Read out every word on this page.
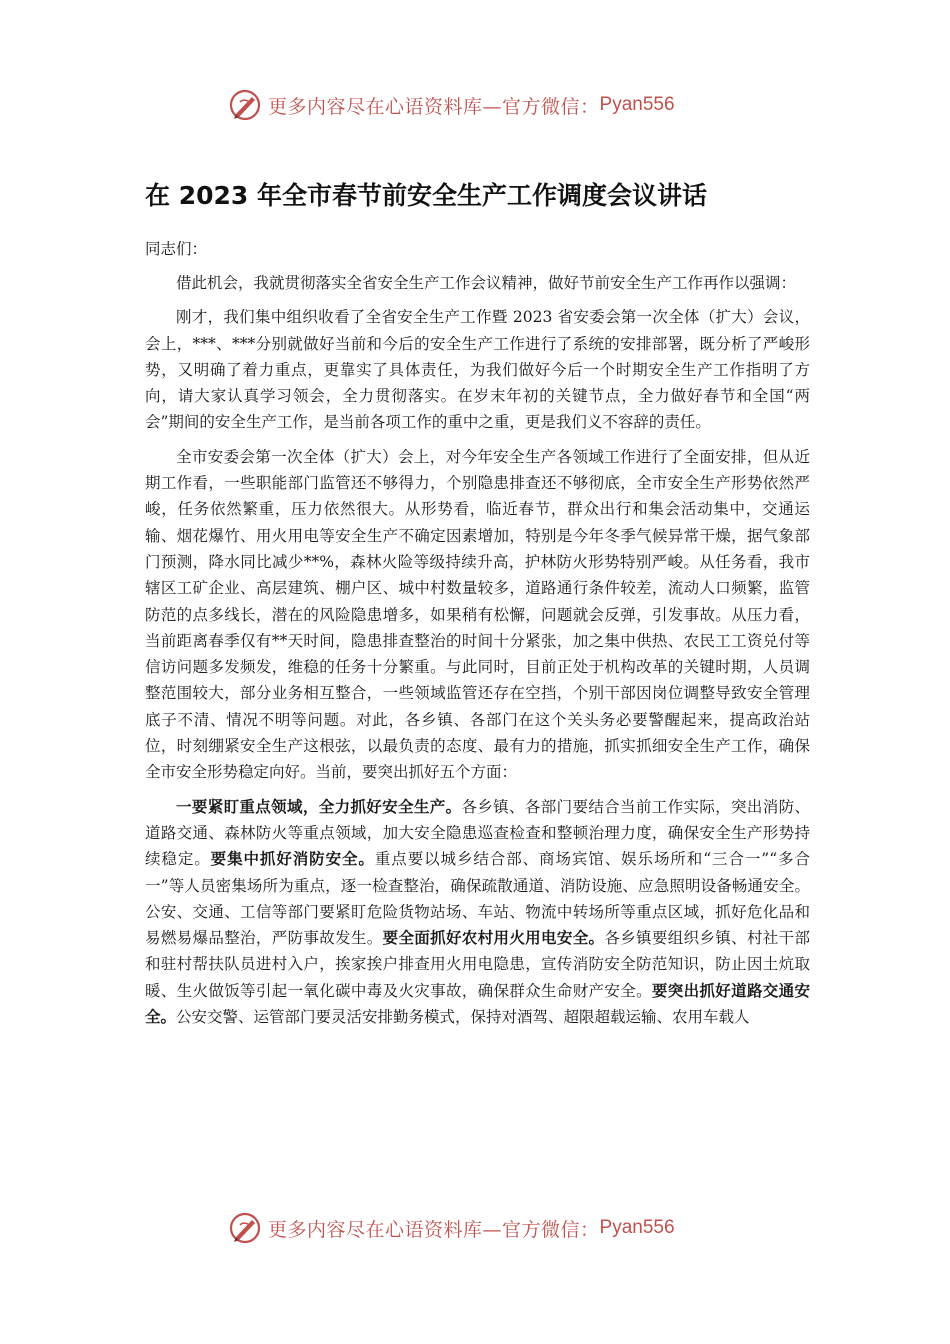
更多内容尽在心语资料库—官方微信： Pyan556
在 2023 年全市春节前安全生产工作调度会议讲话

同志们：

借此机会，我就贯彻落实全省安全生产工作会议精神，做好节前安全生产工作再作以强调：

刚才，我们集中组织收看了全省安全生产工作暨 2023 省安委会第一次全体（扩大）会议，会上，***、***分别就做好当前和今后的安全生产工作进行了系统的安排部署，既分析了严峻形势，又明确了着力重点，更靠实了具体责任，为我们做好今后一个时期安全生产工作指明了方向，请大家认真学习领会，全力贯彻落实。在岁末年初的关键节点，全力做好春节和全国“两会”期间的安全生产工作，是当前各项工作的重中之重，更是我们义不容辞的责任。

全市安委会第一次全体（扩大）会上，对今年安全生产各领域工作进行了全面安排，但从近期工作看，一些职能部门监管还不够得力，个别隐患排查还不够彻底，全市安全生产形势依然严峻，任务依然繁重，压力依然很大。从形势看，临近春节，群众出行和集会活动集中，交通运输、烟花爆竹、用火用电等安全生产不确定因素增加，特别是今年冬季气候异常干燥，据气象部门预测，降水同比减少**%，森林火险等级持续升高，护林防火形势特别严峻。从任务看，我市辖区工矿企业、高层建筑、棚户区、城中村数量较多，道路通行条件较差，流动人口频繁，监管防范的点多线长，潜在的风险隐患增多，如果稍有松懈，问题就会反弹，引发事故。从压力看，当前距离春季仅有**天时间，隐患排查整治的时间十分紧张，加之集中供热、农民工工资兑付等信访问题多发频发，维稳的任务十分繁重。与此同时，目前正处于机构改革的关键时期，人员调整范围较大，部分业务相互整合，一些领域监管还存在空挡，个别干部因岗位调整导致安全管理底子不清、情况不明等问题。对此，各乡镇、各部门在这个关头务必要警醒起来，提高政治站位，时刻绷紧安全生产这根弦，以最负责的态度、最有力的措施，抓实抓细安全生产工作，确保全市安全形势稳定向好。当前，要突出抓好五个方面：

一要紧盯重点领域，全力抓好安全生产。各乡镇、各部门要结合当前工作实际，突出消防、道路交通、森林防火等重点领域，加大安全隐患巡查检查和整顿治理力度，确保安全生产形势持续稳定。要集中抓好消防安全。重点要以城乡结合部、商场宾馆、娱乐场所和“三合一”“多合一”等人员密集场所为重点，逐一检查整治，确保疏散通道、消防设施、应急照明设备畅通安全。公安、交通、工信等部门要紧盯危险货物站场、车站、物流中转场所等重点区域，抓好危化品和易燃易爆品整治，严防事故发生。要全面抓好农村用火用电安全。各乡镇要组织乡镇、村社干部和驻村帮扶队员进村入户，挨家挨户排查用火用电隐患，宣传消防安全防范知识，防止因土炕取暖、生火做饭等引起一氧化碳中毒及火灾事故，确保群众生命财产安全。要突出抓好道路交通安全。公安交警、运管部门要灵活安排勤务模式，保持对酒驾、超限超载运输、农用车载人

更多内容尽在心语资料库—官方微信： Pyan556
